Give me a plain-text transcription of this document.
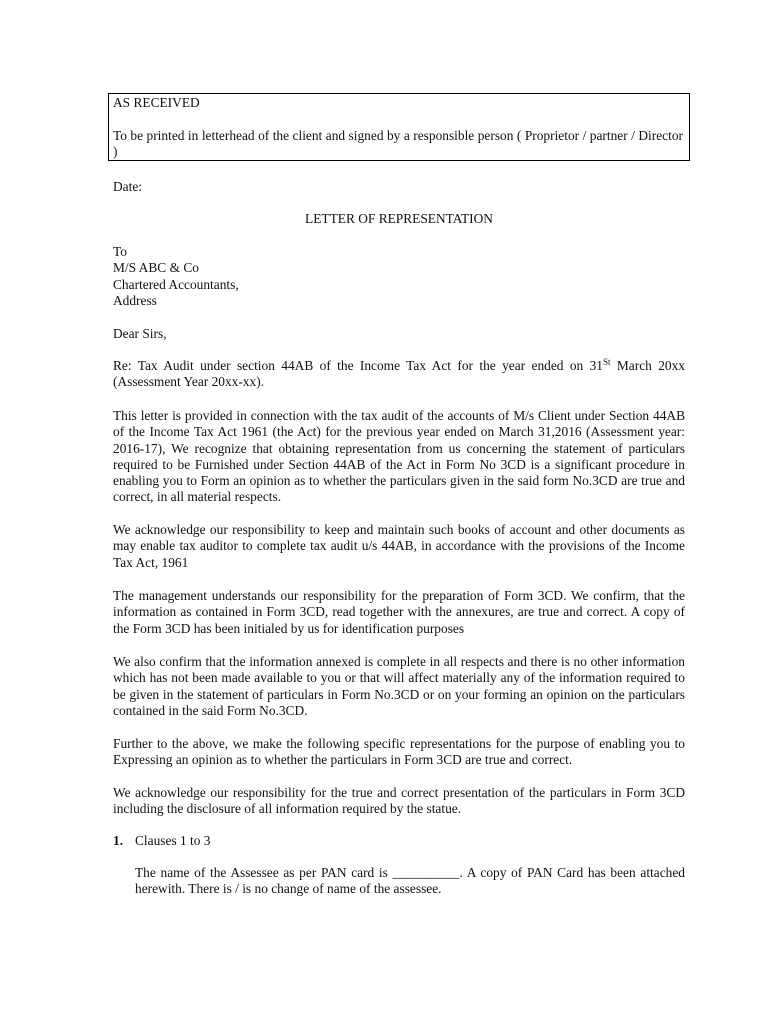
AS RECEIVED

To be printed in letterhead of the client and signed by a responsible person ( Proprietor / partner / Director )

Date:

LETTER OF REPRESENTATION

To
M/S ABC & Co
Chartered Accountants,
Address

Dear Sirs,

Re: Tax Audit under section 44AB of the Income Tax Act for the year ended on 31St March 20xx (Assessment Year 20xx-xx).

This letter is provided in connection with the tax audit of the accounts of M/s Client under Section 44AB of the Income Tax Act 1961 (the Act) for the previous year ended on March 31,2016 (Assessment year: 2016-17), We recognize that obtaining representation from us concerning the statement of particulars required to be Furnished under Section 44AB of the Act in Form No 3CD is a significant procedure in enabling you to Form an opinion as to whether the particulars given in the said form No.3CD are true and correct, in all material respects.

We acknowledge our responsibility to keep and maintain such books of account and other documents as may enable tax auditor to complete tax audit u/s 44AB, in accordance with the provisions of the Income Tax Act, 1961

The management understands our responsibility for the preparation of Form 3CD. We confirm, that the information as contained in Form 3CD, read together with the annexures, are true and correct. A copy of the Form 3CD has been initialed by us for identification purposes

We also confirm that the information annexed is complete in all respects and there is no other information which has not been made available to you or that will affect materially any of the information required to be given in the statement of particulars in Form No.3CD or on your forming an opinion on the particulars contained in the said Form No.3CD.

Further to the above, we make the following specific representations for the purpose of enabling you to Expressing an opinion as to whether the particulars in Form 3CD are true and correct.

We acknowledge our responsibility for the true and correct presentation of the particulars in Form 3CD including the disclosure of all information required by the statue.

1. Clauses 1 to 3

The name of the Assessee as per PAN card is __________. A copy of PAN Card has been attached herewith. There is / is no change of name of the assessee.
